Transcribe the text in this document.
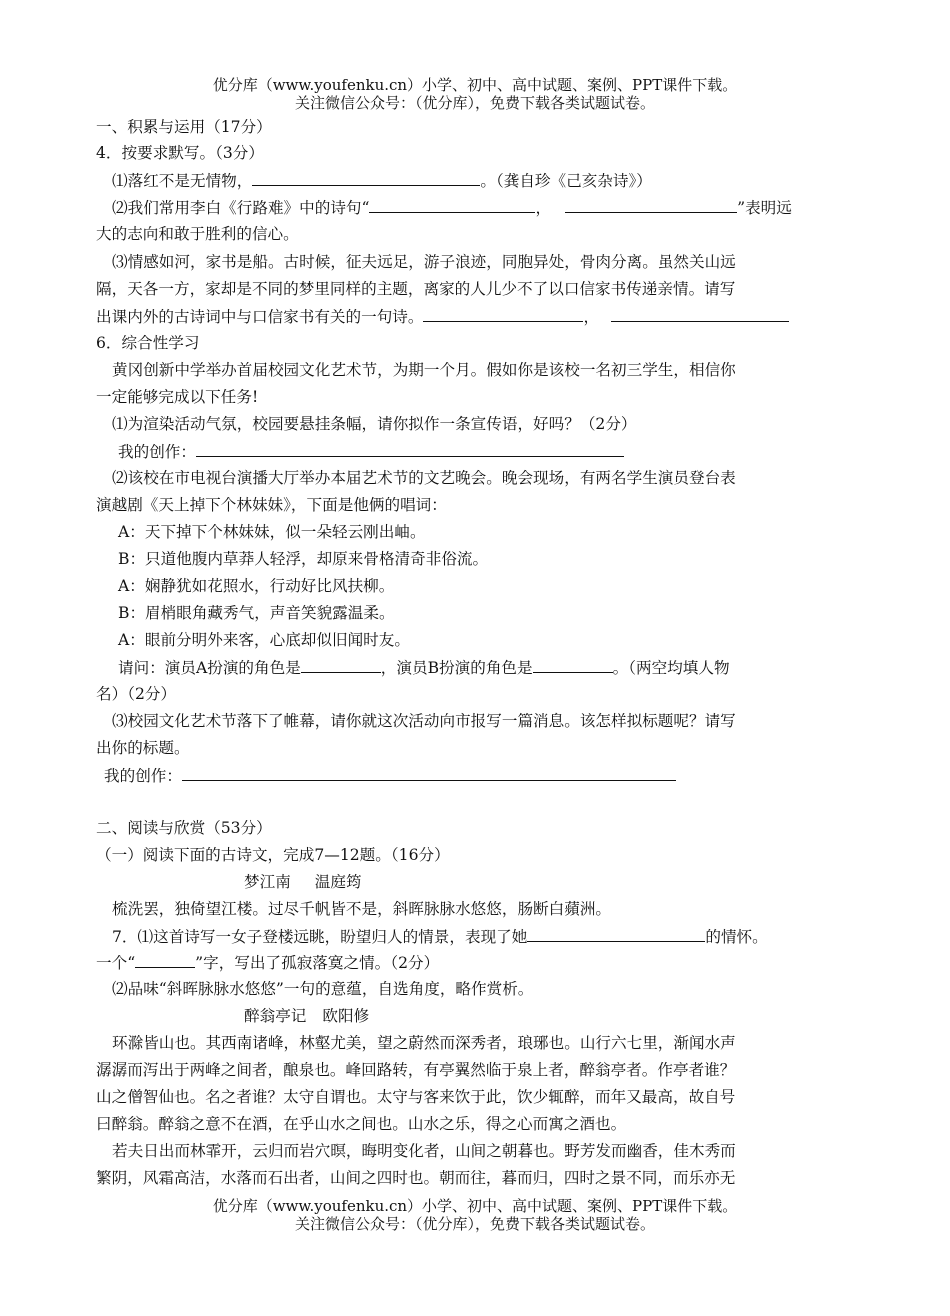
优分库（www.youfenku.cn）小学、初中、高中试题、案例、PPT课件下载。
关注微信公众号：（优分库），免费下载各类试题试卷。
一、积累与运用（17分）
4．按要求默写。（3分）
⑴落红不是无情物，	。（龚自珍《己亥杂诗》）
⑵我们常用李白《行路难》中的诗句“	，	”表明远
大的志向和敢于胜利的信心。
⑶情感如河，家书是船。古时候，征夫远足，游子浪迹，同胞异处，骨肉分离。虽然关山远
隔，天各一方，家却是不同的梦里同样的主题，离家的人儿少不了以口信家书传递亲情。请写
出课内外的古诗词中与口信家书有关的一句诗。	，
6．综合性学习
黄冈创新中学举办首届校园文化艺术节，为期一个月。假如你是该校一名初三学生，相信你
一定能够完成以下任务!
⑴为渲染活动气氛，校园要悬挂条幅，请你拟作一条宣传语，好吗？（2分）
我的创作：
⑵该校在市电视台演播大厅举办本届艺术节的文艺晚会。晚会现场，有两名学生演员登台表
演越剧《天上掉下个林妹妹》，下面是他俩的唱词：
A：天下掉下个林妹妹，似一朵轻云刚出岫。
B：只道他腹内草莽人轻浮，却原来骨格清奇非俗流。
A：娴静犹如花照水，行动好比风扶柳。
B：眉梢眼角藏秀气，声音笑貌露温柔。
A：眼前分明外来客，心底却似旧闻时友。
请问：演员A扮演的角色是	，演员B扮演的角色是	。（两空均填人物
名）（2分）
⑶校园文化艺术节落下了帷幕，请你就这次活动向市报写一篇消息。该怎样拟标题呢？请写
出你的标题。
我的创作：
二、阅读与欣赏（53分）
（一）阅读下面的古诗文，完成7—12题。（16分）
梦江南 温庭筠
梳洗罢，独倚望江楼。过尽千帆皆不是，斜晖脉脉水悠悠，肠断白蘋洲。
7．⑴这首诗写一女子登楼远眺，盼望归人的情景，表现了她	的情怀。
一个“	”字，写出了孤寂落寞之情。（2分）
⑵品味“斜晖脉脉水悠悠”一句的意蕴，自选角度，略作赏析。
醉翁亭记 欧阳修
环滁皆山也。其西南诸峰，林壑尤美，望之蔚然而深秀者，琅琊也。山行六七里，渐闻水声
潺潺而泻出于两峰之间者，酿泉也。峰回路转，有亭翼然临于泉上者，醉翁亭者。作亭者谁？
山之僧智仙也。名之者谁？太守自谓也。太守与客来饮于此，饮少辄醉，而年又最高，故自号
曰醉翁。醉翁之意不在酒，在乎山水之间也。山水之乐，得之心而寓之酒也。
若夫日出而林霏开，云归而岩穴暝，晦明变化者，山间之朝暮也。野芳发而幽香，佳木秀而
繁阴，风霜高洁，水落而石出者，山间之四时也。朝而往，暮而归，四时之景不同，而乐亦无
优分库（www.youfenku.cn）小学、初中、高中试题、案例、PPT课件下载。
关注微信公众号：（优分库），免费下载各类试题试卷。
